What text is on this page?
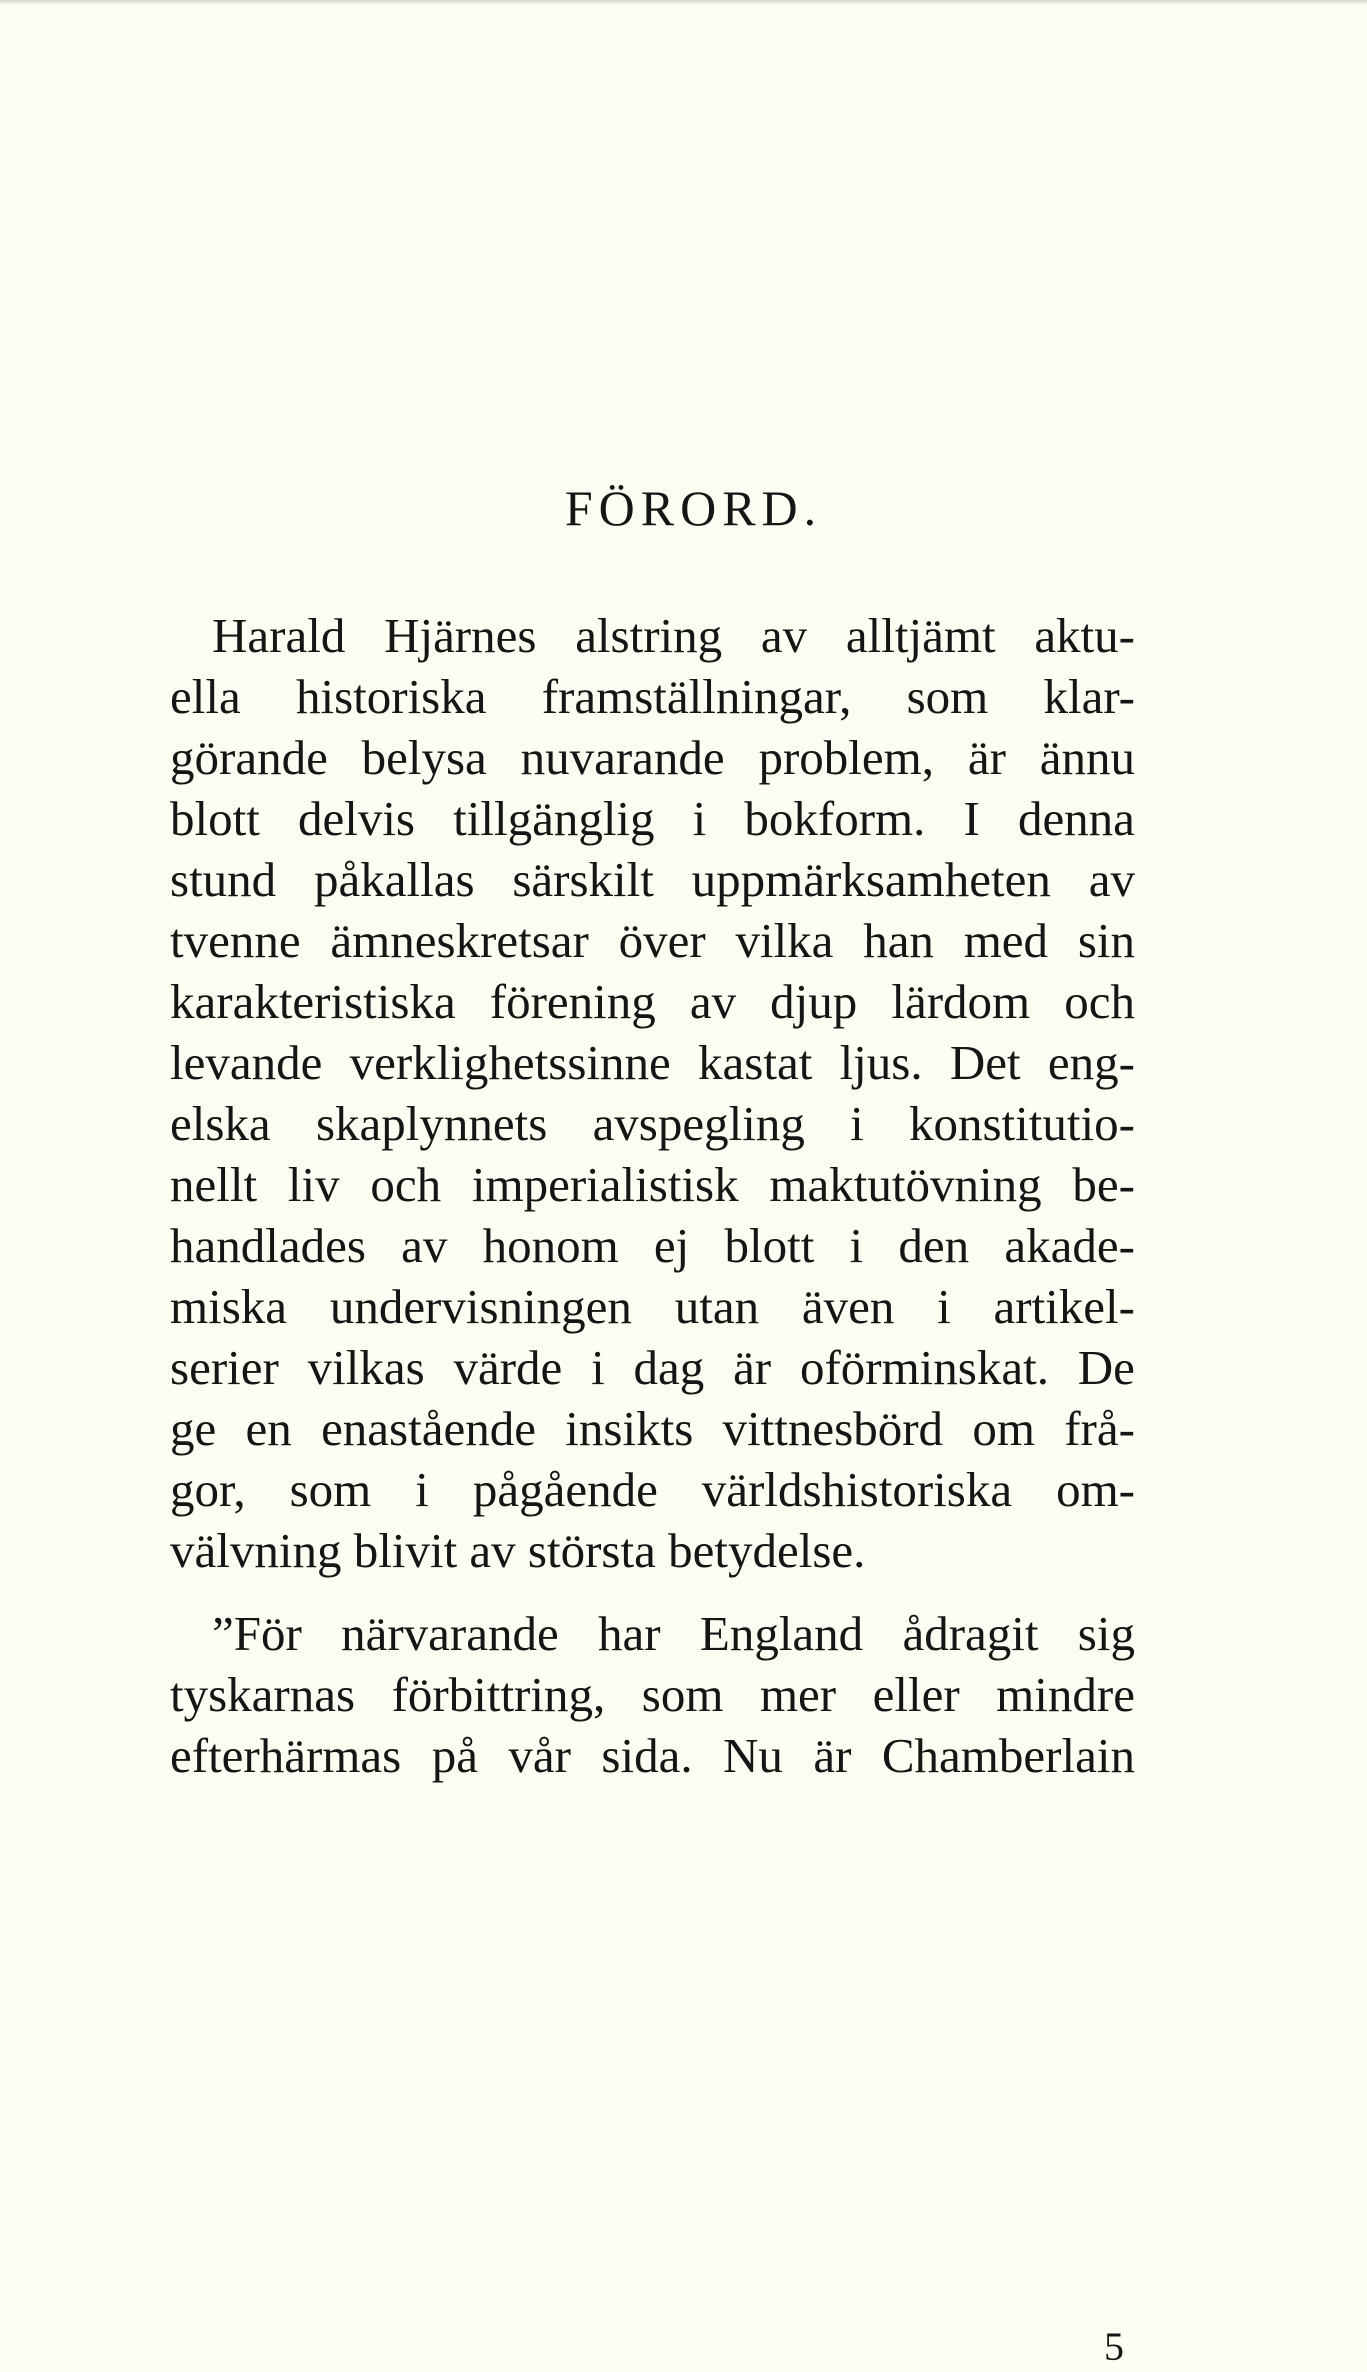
FÖRORD.
Harald Hjärnes alstring av alltjämt aktu-
ella historiska framställningar, som klar-
görande belysa nuvarande problem, är ännu
blott delvis tillgänglig i bokform. I denna
stund påkallas särskilt uppmärksamheten av
tvenne ämneskretsar över vilka han med sin
karakteristiska förening av djup lärdom och
levande verklighetssinne kastat ljus. Det eng-
elska skaplynnets avspegling i konstitutio-
nellt liv och imperialistisk maktutövning be-
handlades av honom ej blott i den akade-
miska undervisningen utan även i artikel-
serier vilkas värde i dag är oförminskat. De
ge en enastående insikts vittnesbörd om frå-
gor, som i pågående världshistoriska om-
välvning blivit av största betydelse.
”För närvarande har England ådragit sig
tyskarnas förbittring, som mer eller mindre
efterhärmas på vår sida. Nu är Chamberlain
5
